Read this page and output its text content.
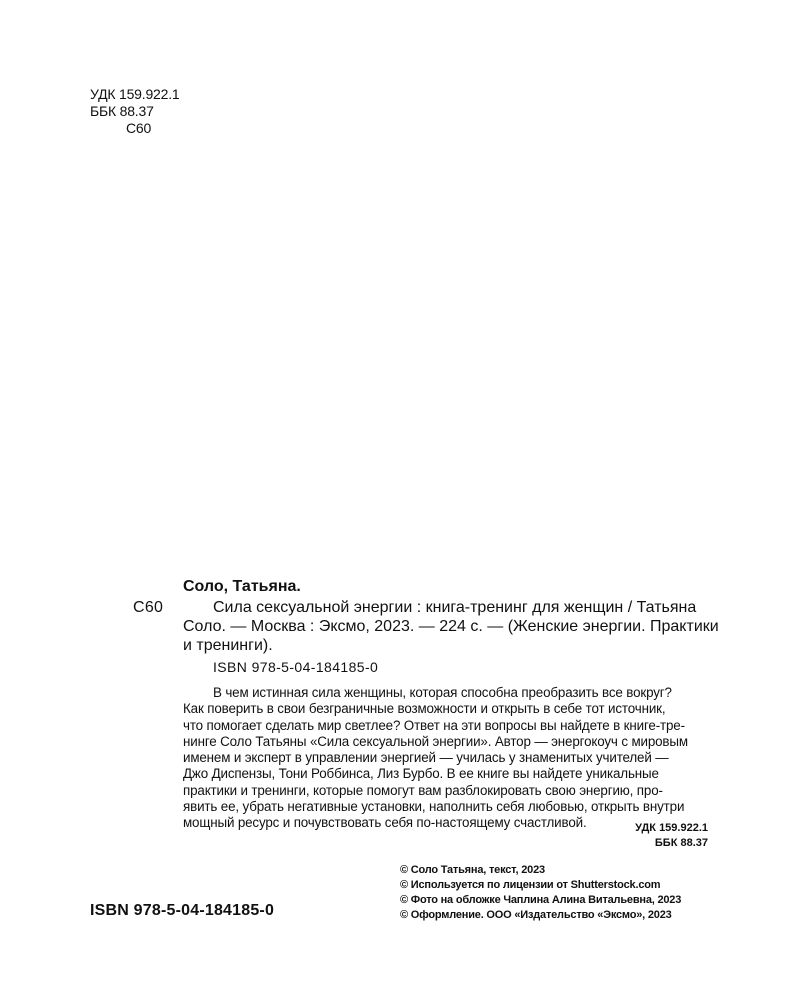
УДК 159.922.1
ББК 88.37
С60
Соло, Татьяна.
С60	Сила сексуальной энергии : книга-тренинг для женщин / Татьяна
Соло. — Москва : Эксмо, 2023. — 224 с. — (Женские энергии. Практики
и тренинги).
ISBN 978-5-04-184185-0
В чем истинная сила женщины, которая способна преобразить все вокруг?
Как поверить в свои безграничные возможности и открыть в себе тот источник,
что помогает сделать мир светлее? Ответ на эти вопросы вы найдете в книге-тре-
нинге Соло Татьяны «Сила сексуальной энергии». Автор — энергокоуч с мировым
именем и эксперт в управлении энергией — училась у знаменитых учителей —
Джо Диспензы, Тони Роббинса, Лиз Бурбо. В ее книге вы найдете уникальные
практики и тренинги, которые помогут вам разблокировать свою энергию, про-
явить ее, убрать негативные установки, наполнить себя любовью, открыть внутри
мощный ресурс и почувствовать себя по-настоящему счастливой.	УДК 159.922.1
ББК 88.37
© Соло Татьяна, текст, 2023
© Используется по лицензии от Shutterstock.com
© Фото на обложке Чаплина Алина Витальевна, 2023
© Оформление. ООО «Издательство «Эксмо», 2023
ISBN 978-5-04-184185-0
